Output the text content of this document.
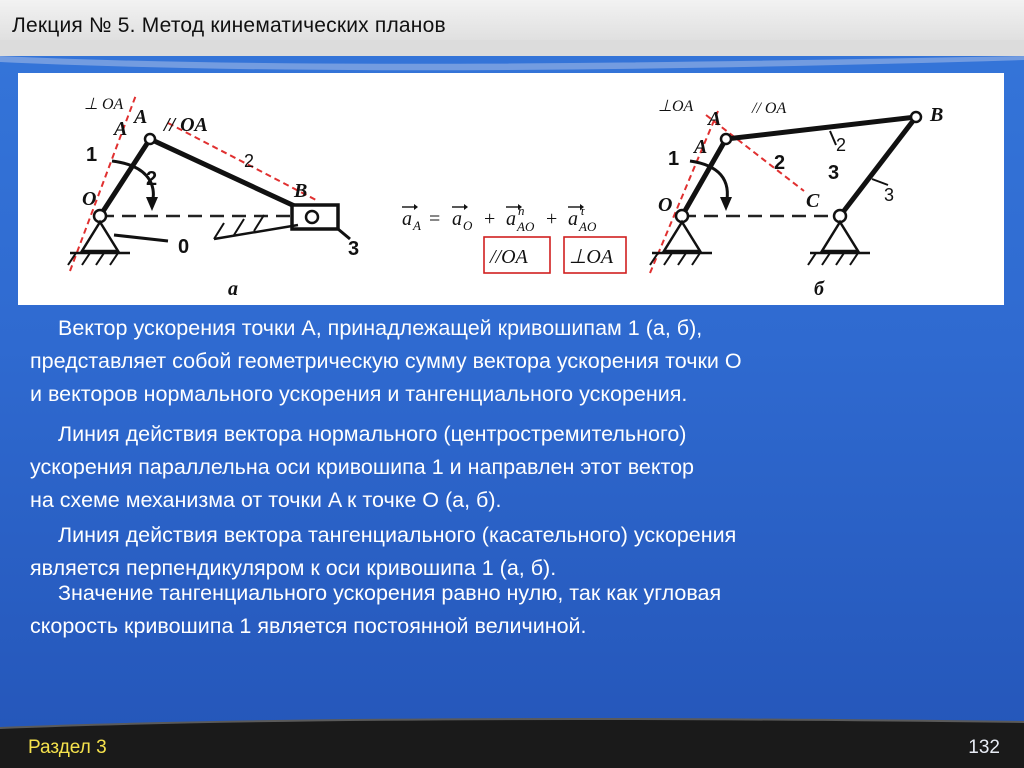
Лекция № 5. Метод кинематических планов
⊥ OA
// OA
A
A
O	B
1
2
2
0	3
а
a A = a O + a n
AO + a τ
AO
//OA ⊥OA
⊥OA	// OA
A
A
O
B
C
1	2
2
3
3
б
Вектор ускорения точки A, принадлежащей кривошипам 1 (a, б),
представляет собой геометрическую сумму вектора ускорения точки O
и векторов нормального ускорения и тангенциального ускорения.
Линия действия вектора нормального (центростремительного)
ускорения параллельна оси кривошипа 1 и направлен этот вектор
на схеме механизма от точки A к точке O (a, б).
Линия действия вектора тангенциального (касательного) ускорения
является перпендикуляром к оси кривошипа 1 (a, б).
Значение тангенциального ускорения равно нулю, так как угловая
скорость кривошипа 1 является постоянной величиной.
Раздел 3	132
